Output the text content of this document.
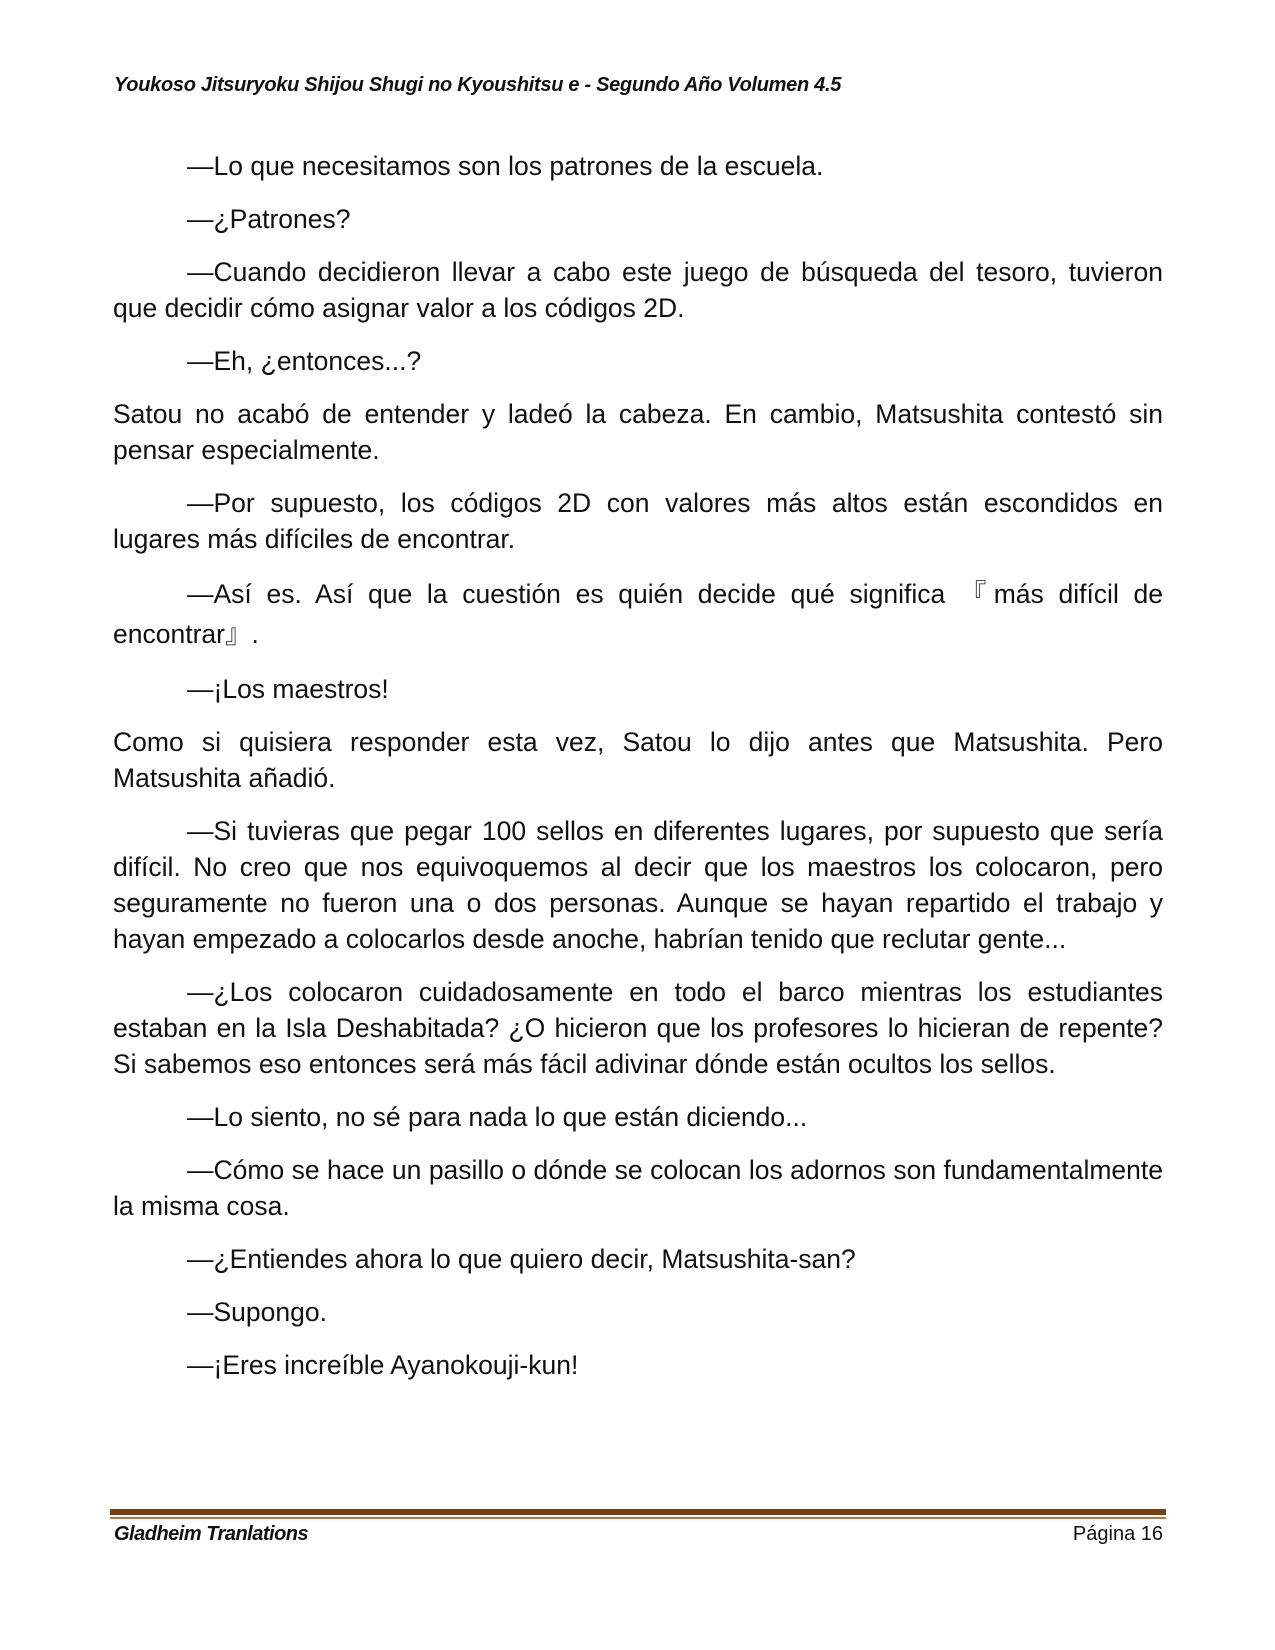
Youkoso Jitsuryoku Shijou Shugi no Kyoushitsu e - Segundo Año Volumen 4.5

—Lo que necesitamos son los patrones de la escuela.

—¿Patrones?

—Cuando decidieron llevar a cabo este juego de búsqueda del tesoro, tuvieron que decidir cómo asignar valor a los códigos 2D.

—Eh, ¿entonces...?

Satou no acabó de entender y ladeó la cabeza. En cambio, Matsushita contestó sin pensar especialmente.

—Por supuesto, los códigos 2D con valores más altos están escondidos en lugares más difíciles de encontrar.

—Así es. Así que la cuestión es quién decide qué significa 『más difícil de encontrar』.

—¡Los maestros!

Como si quisiera responder esta vez, Satou lo dijo antes que Matsushita. Pero Matsushita añadió.

—Si tuvieras que pegar 100 sellos en diferentes lugares, por supuesto que sería difícil. No creo que nos equivoquemos al decir que los maestros los colocaron, pero seguramente no fueron una o dos personas. Aunque se hayan repartido el trabajo y hayan empezado a colocarlos desde anoche, habrían tenido que reclutar gente...

—¿Los colocaron cuidadosamente en todo el barco mientras los estudiantes estaban en la Isla Deshabitada? ¿O hicieron que los profesores lo hicieran de repente? Si sabemos eso entonces será más fácil adivinar dónde están ocultos los sellos.

—Lo siento, no sé para nada lo que están diciendo...

—Cómo se hace un pasillo o dónde se colocan los adornos son fundamentalmente la misma cosa.

—¿Entiendes ahora lo que quiero decir, Matsushita-san?

—Supongo.

—¡Eres increíble Ayanokouji-kun!

Gladheim Tranlations	Página 16
